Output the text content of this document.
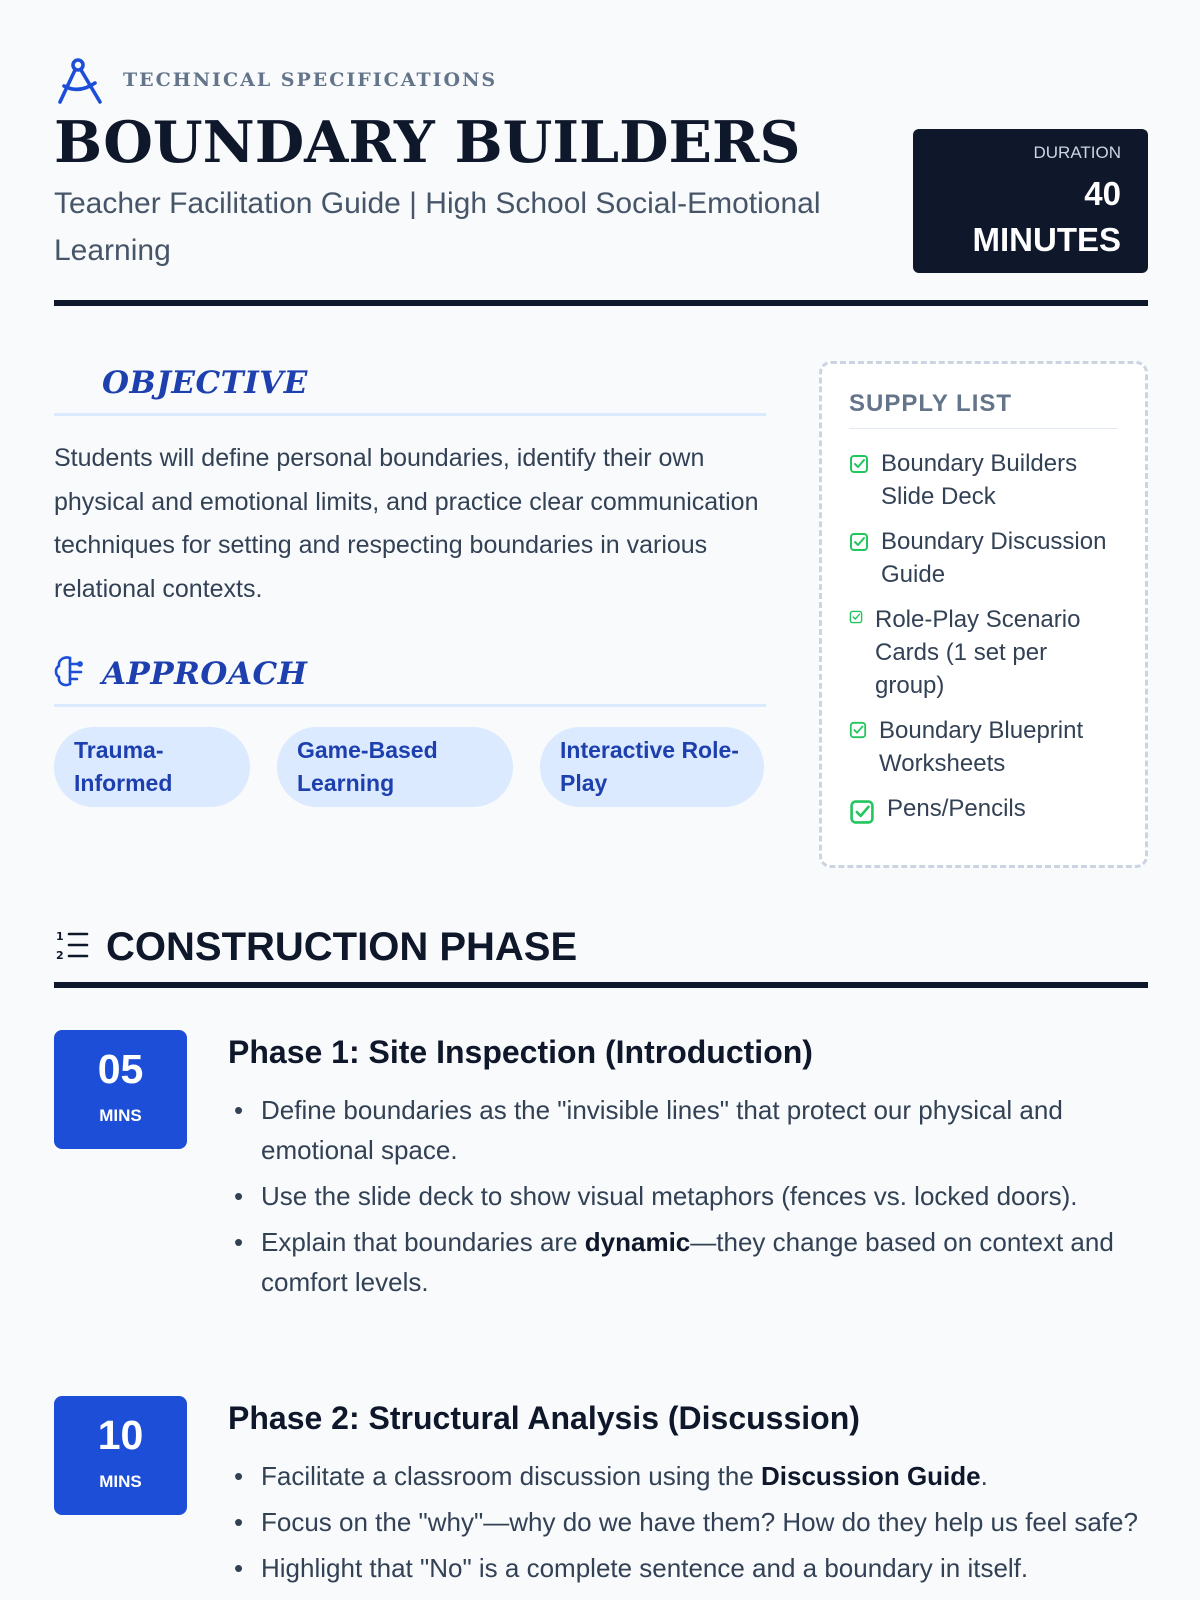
TECHNICAL SPECIFICATIONS
BOUNDARY BUILDERS
Teacher Facilitation Guide | High School Social-Emotional Learning
DURATION
40 MINUTES
OBJECTIVE
Students will define personal boundaries, identify their own physical and emotional limits, and practice clear communication techniques for setting and respecting boundaries in various relational contexts.
APPROACH
Trauma-Informed
Game-Based Learning
Interactive Role-Play
SUPPLY LIST
Boundary Builders Slide Deck
Boundary Discussion Guide
Role-Play Scenario Cards (1 set per group)
Boundary Blueprint Worksheets
Pens/Pencils
1
2 CONSTRUCTION PHASE
05
MINS
Phase 1: Site Inspection (Introduction)
• Define boundaries as the "invisible lines" that protect our physical and emotional space.
• Use the slide deck to show visual metaphors (fences vs. locked doors).
• Explain that boundaries are dynamic—they change based on context and comfort levels.
10
MINS
Phase 2: Structural Analysis (Discussion)
• Facilitate a classroom discussion using the Discussion Guide.
• Focus on the "why"—why do we have them? How do they help us feel safe?
• Highlight that "No" is a complete sentence and a boundary in itself.
